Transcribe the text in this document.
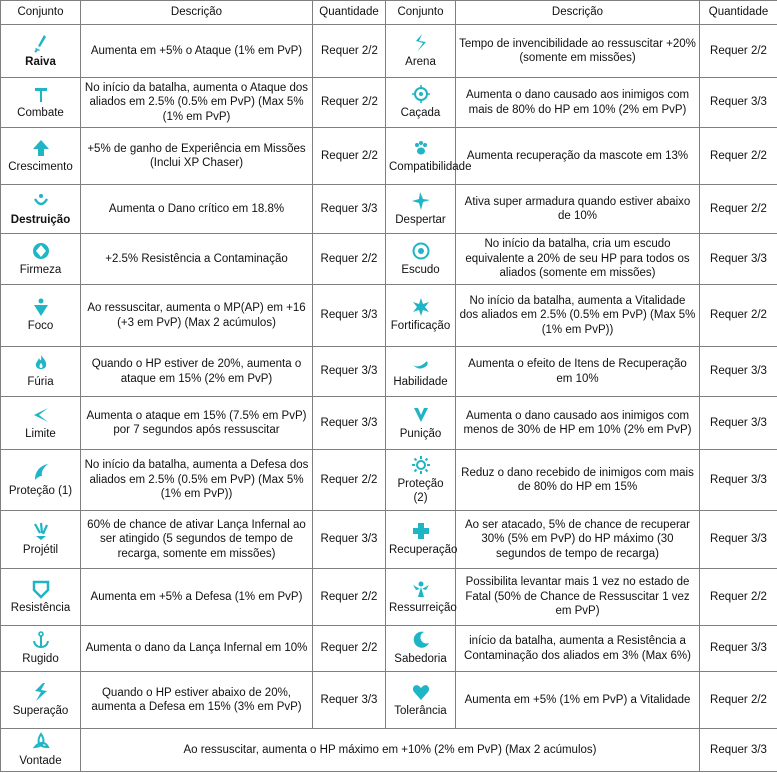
Conjunto	Descrição	Quantidade	Conjunto	Descrição	Quantidade

Raiva	Aumenta em +5% o Ataque (1% em PvP)	Requer 2/2	Arena	Tempo de invencibilidade ao ressuscitar +20% (somente em missões)	Requer 2/2

Combate	No início da batalha, aumenta o Ataque dos aliados em 2.5% (0.5% em PvP) (Max 5% (1% em PvP)	Requer 2/2	Caçada	Aumenta o dano causado aos inimigos com mais de 80% do HP em 10% (2% em PvP)	Requer 3/3

Crescimento	+5% de ganho de Experiência em Missões (Inclui XP Chaser)	Requer 2/2	Compatibilidade	Aumenta recuperação da mascote em 13%	Requer 2/2

Destruição	Aumenta o Dano crítico em 18.8%	Requer 3/3	Despertar	Ativa super armadura quando estiver abaixo de 10%	Requer 2/2

Firmeza	+2.5% Resistência a Contaminação	Requer 2/2	Escudo	No início da batalha, cria um escudo equivalente a 20% de seu HP para todos os aliados (somente em missões)	Requer 3/3

Foco	Ao ressuscitar, aumenta o MP(AP) em +16 (+3 em PvP) (Max 2 acúmulos)	Requer 3/3	Fortificação	No início da batalha, aumenta a Vitalidade dos aliados em 2.5% (0.5% em PvP) (Max 5% (1% em PvP))	Requer 2/2

Fúria	Quando o HP estiver de 20%, aumenta o ataque em 15% (2% em PvP)	Requer 3/3	Habilidade	Aumenta o efeito de Itens de Recuperação em 10%	Requer 3/3

Limite	Aumenta o ataque em 15% (7.5% em PvP) por 7 segundos após ressuscitar	Requer 3/3	Punição	Aumenta o dano causado aos inimigos com menos de 30% de HP em 10% (2% em PvP)	Requer 3/3

Proteção (1)	No início da batalha, aumenta a Defesa dos aliados em 2.5% (0.5% em PvP) (Max 5% (1% em PvP))	Requer 2/2	Proteção (2)	Reduz o dano recebido de inimigos com mais de 80% do HP em 15%	Requer 3/3

Projétil	60% de chance de ativar Lança Infernal ao ser atingido (5 segundos de tempo de recarga, somente em missões)	Requer 3/3	Recuperação	Ao ser atacado, 5% de chance de recuperar 30% (5% em PvP) do HP máximo (30 segundos de tempo de recarga)	Requer 3/3

Resistência	Aumenta em +5% a Defesa (1% em PvP)	Requer 2/2	Ressurreição	Possibilita levantar mais 1 vez no estado de Fatal (50% de Chance de Ressuscitar 1 vez em PvP)	Requer 2/2

Rugido	Aumenta o dano da Lança Infernal em 10%	Requer 2/2	Sabedoria	início da batalha, aumenta a Resistência a Contaminação dos aliados em 3% (Max 6%)	Requer 3/3

Superação	Quando o HP estiver abaixo de 20%, aumenta a Defesa em 15% (3% em PvP)	Requer 3/3	Tolerância	Aumenta em +5% (1% em PvP) a Vitalidade	Requer 2/2

Vontade	Ao ressuscitar, aumenta o HP máximo em +10% (2% em PvP) (Max 2 acúmulos)				Requer 3/3
